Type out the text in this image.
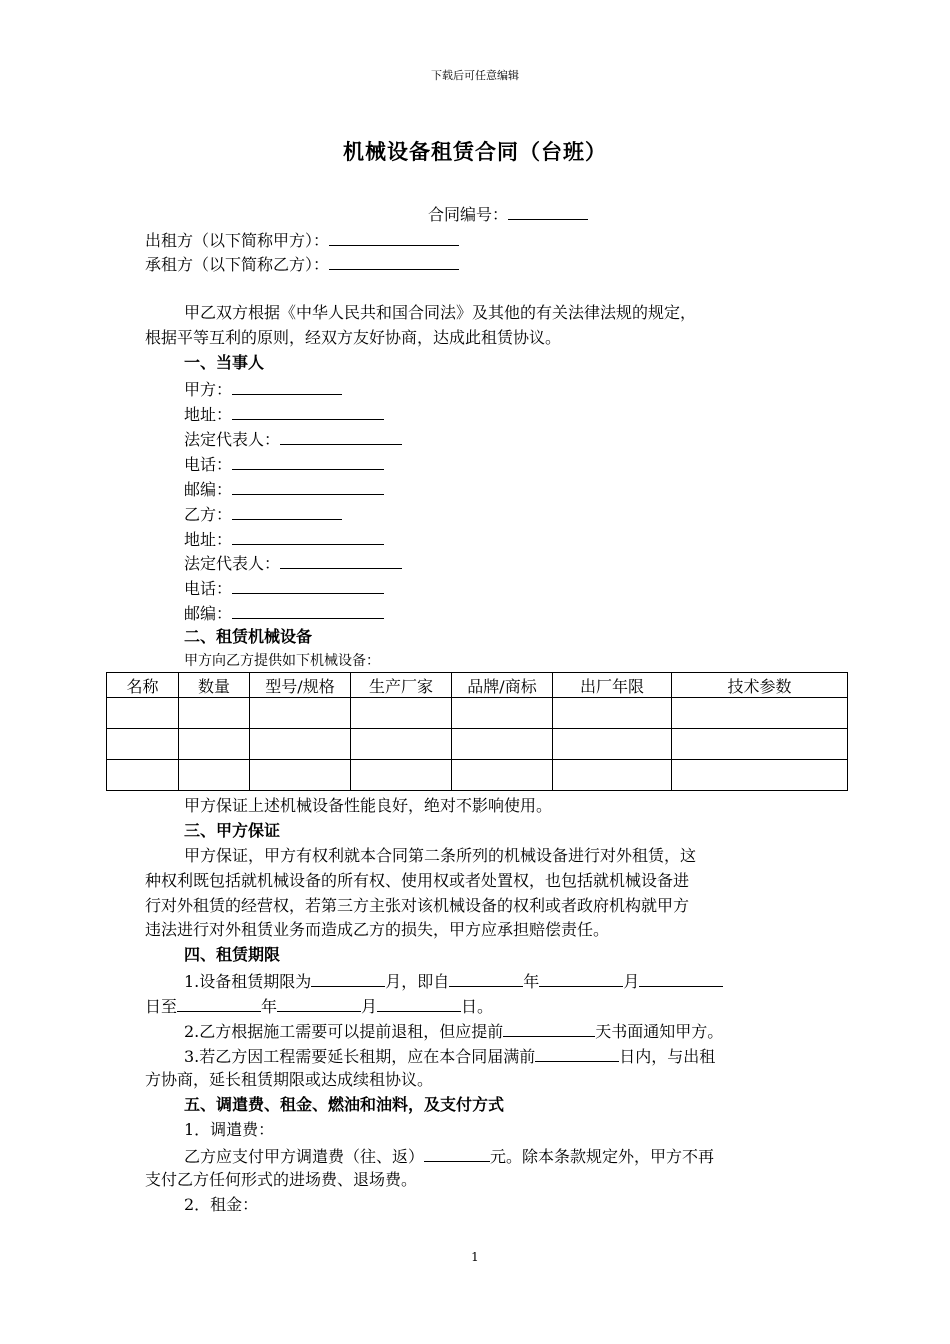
下载后可任意编辑
机械设备租赁合同（台班）
合同编号：
出租方（以下简称甲方）：
承租方（以下简称乙方）：
甲乙双方根据《中华人民共和国合同法》及其他的有关法律法规的规定，
根据平等互利的原则，经双方友好协商，达成此租赁协议。
一、当事人
甲方：
地址：
法定代表人：
电话：
邮编：
乙方：
地址：
法定代表人：
电话：
邮编：
二、租赁机械设备
甲方向乙方提供如下机械设备：
名称	数量	型号/规格	生产厂家	品牌/商标	出厂年限	技术参数

甲方保证上述机械设备性能良好，绝对不影响使用。
三、甲方保证
甲方保证，甲方有权利就本合同第二条所列的机械设备进行对外租赁，这
种权利既包括就机械设备的所有权、使用权或者处置权，也包括就机械设备进
行对外租赁的经营权，若第三方主张对该机械设备的权利或者政府机构就甲方
违法进行对外租赁业务而造成乙方的损失，甲方应承担赔偿责任。
四、租赁期限
1.设备租赁期限为	月，即自	年	月
日至	年	月	日。
2.乙方根据施工需要可以提前退租，但应提前	天书面通知甲方。
3.若乙方因工程需要延长租期，应在本合同届满前	日内，与出租
方协商，延长租赁期限或达成续租协议。
五、调遣费、租金、燃油和油料，及支付方式
1．调遣费：
乙方应支付甲方调遣费（往、返）	元。除本条款规定外，甲方不再
支付乙方任何形式的进场费、退场费。
2．租金：
1
